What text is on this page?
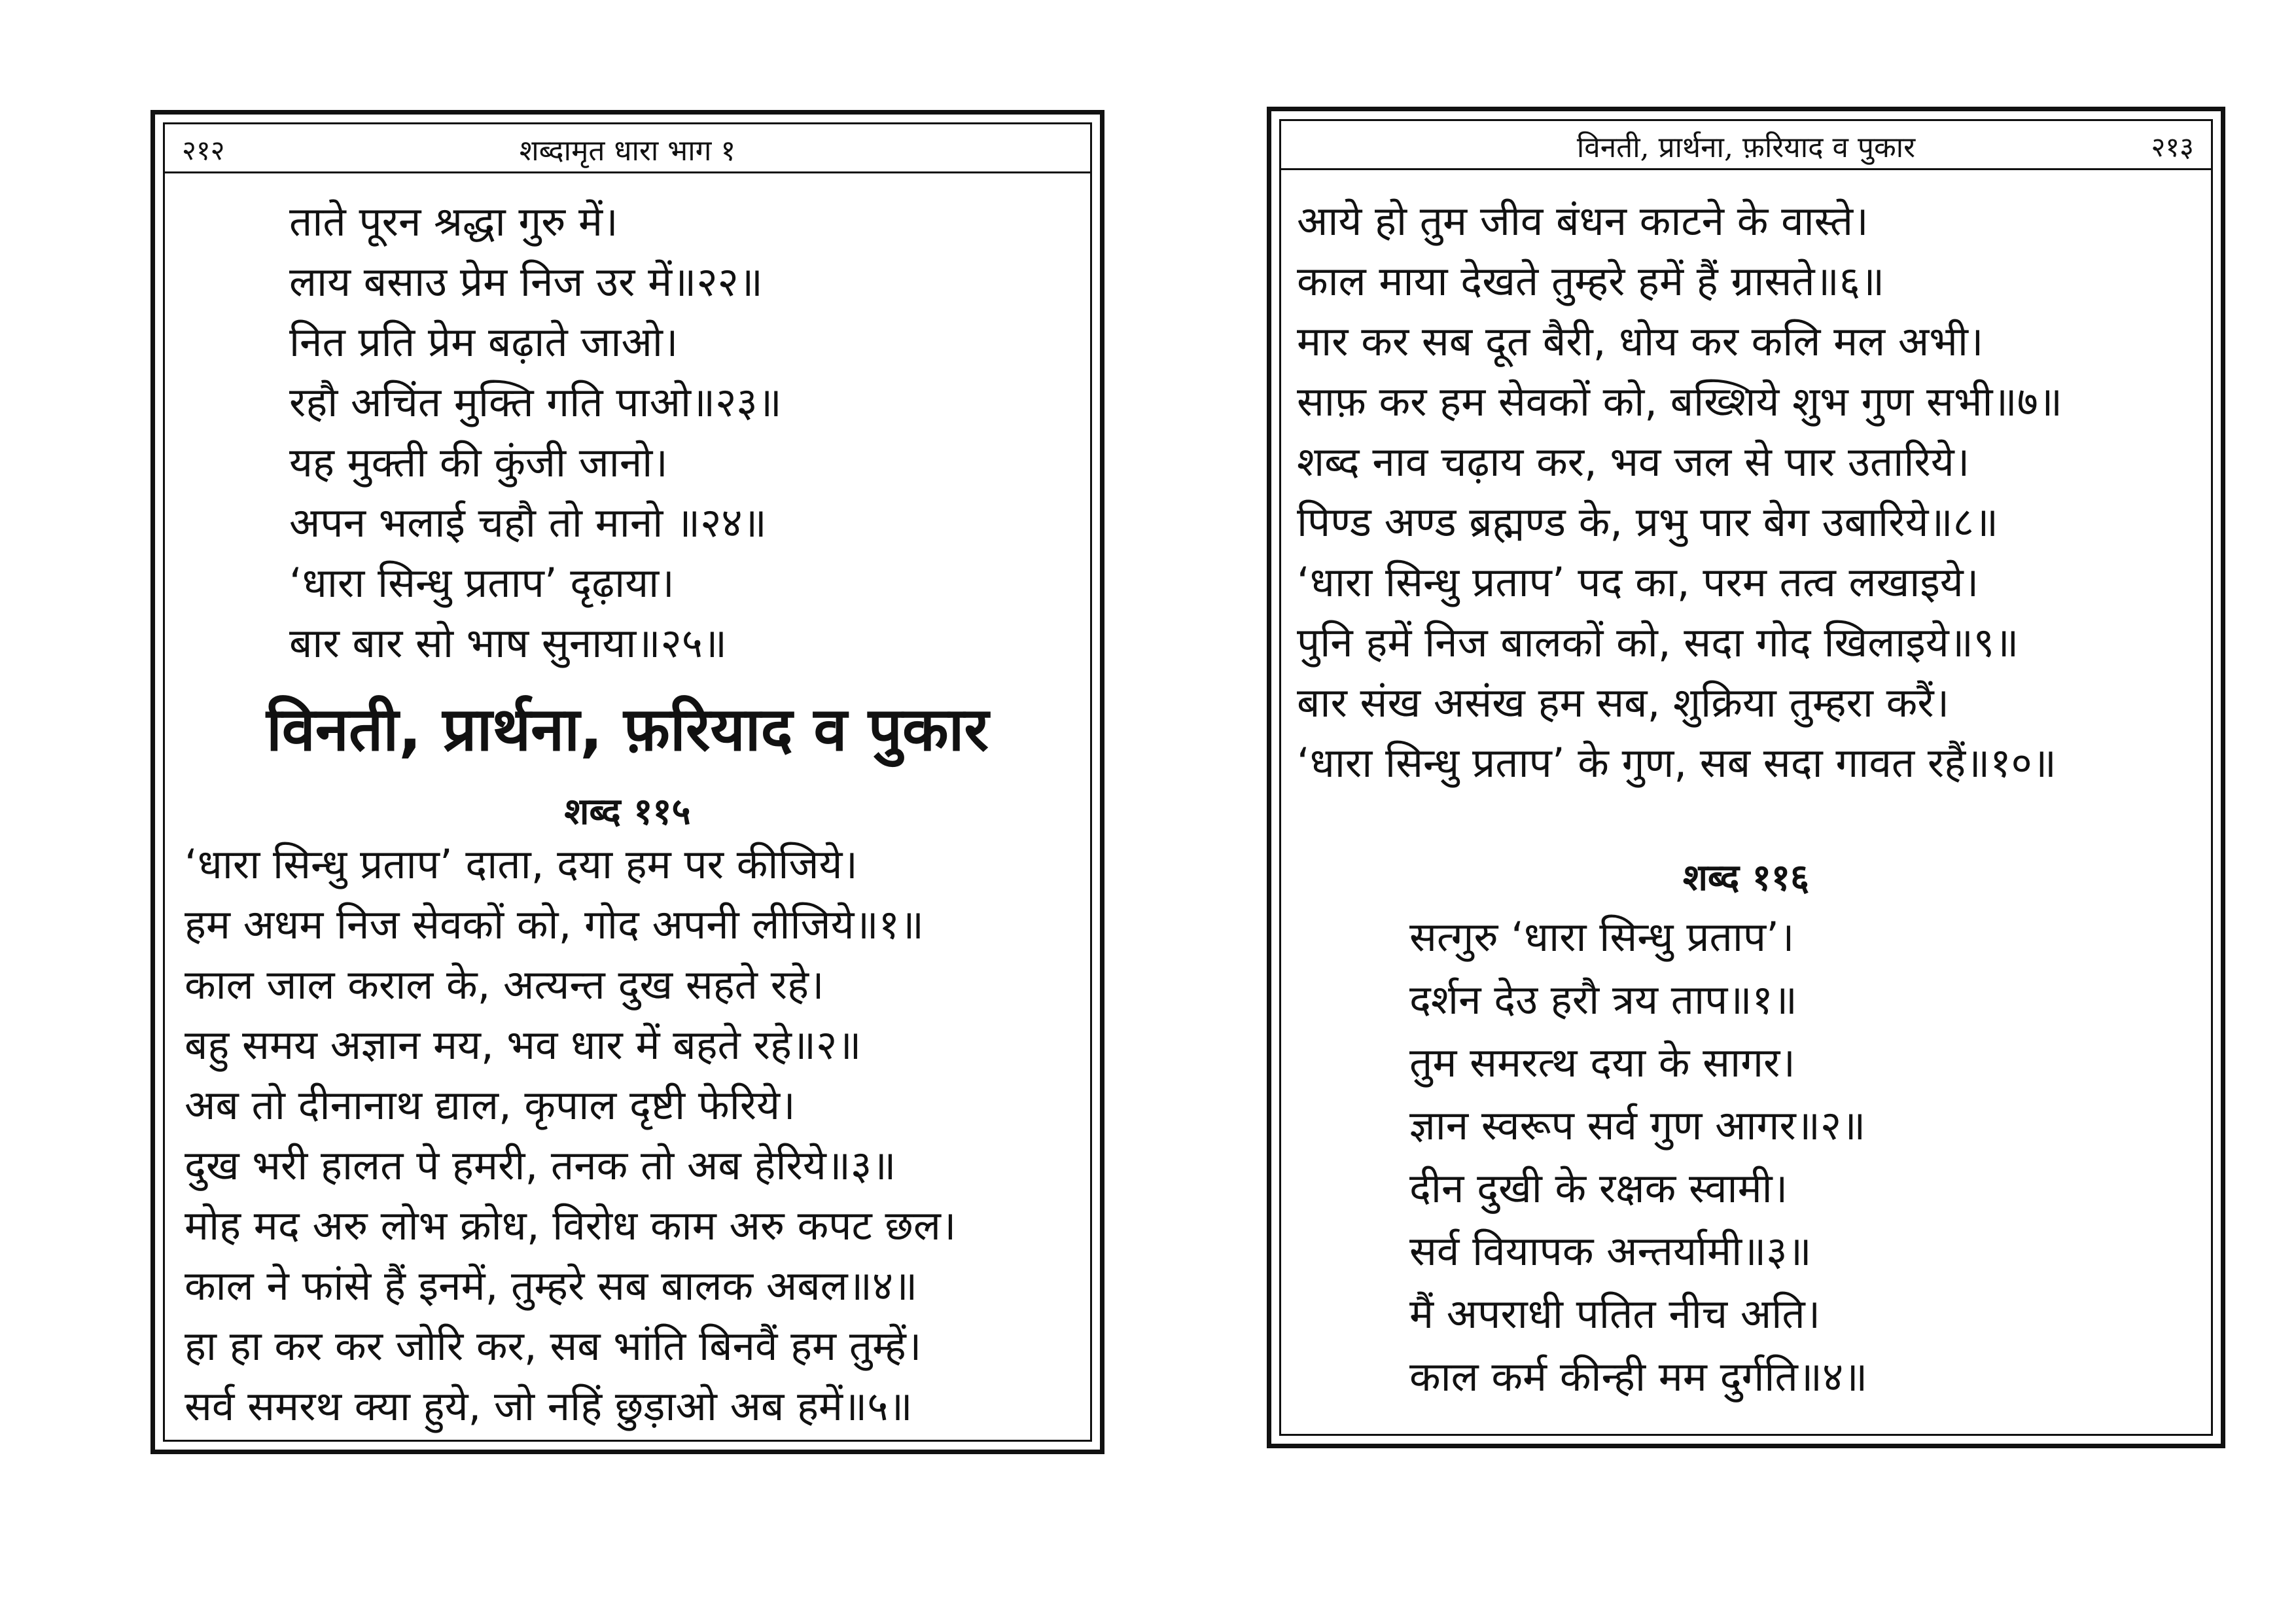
२१२	शब्दामृत धारा भाग १
ताते पूरन श्रद्धा गुरु में।
लाय बसाउ प्रेम निज उर में॥२२॥
नित प्रति प्रेम बढ़ाते जाओ।
रहौ अचिंत मुक्ति गति पाओ॥२३॥
यह मुक्ती की कुंजी जानो।
अपन भलाई चहौ तो मानो ॥२४॥
‘धारा सिन्धु प्रताप’ दृढ़ाया।
बार बार सो भाष सुनाया॥२५॥
विनती, प्रार्थना, फ़रियाद व पुकार
शब्द ११५
‘धारा सिन्धु प्रताप’ दाता, दया हम पर कीजिये।
हम अधम निज सेवकों को, गोद अपनी लीजिये॥१॥
काल जाल कराल के, अत्यन्त दुख सहते रहे।
बहु समय अज्ञान मय, भव धार में बहते रहे॥२॥
अब तो दीनानाथ द्याल, कृपाल दृष्टी फेरिये।
दुख भरी हालत पे हमरी, तनक तो अब हेरिये॥३॥
मोह मद अरु लोभ क्रोध, विरोध काम अरु कपट छल।
काल ने फांसे हैं इनमें, तुम्हरे सब बालक अबल॥४॥
हा हा कर कर जोरि कर, सब भांति बिनवैं हम तुम्हें।
सर्व समरथ क्या हुये, जो नहिं छुड़ाओ अब हमें॥५॥
विनती, प्रार्थना, फ़रियाद व पुकार	२१३
आये हो तुम जीव बंधन काटने के वास्ते।
काल माया देखते तुम्हरे हमें हैं ग्रासते॥६॥
मार कर सब दूत बैरी, धोय कर कलि मल अभी।
साफ़ कर हम सेवकों को, बख्शिये शुभ गुण सभी॥७॥
शब्द नाव चढ़ाय कर, भव जल से पार उतारिये।
पिण्ड अण्ड ब्रह्मण्ड के, प्रभु पार बेग उबारिये॥८॥
‘धारा सिन्धु प्रताप’ पद का, परम तत्व लखाइये।
पुनि हमें निज बालकों को, सदा गोद खिलाइये॥९॥
बार संख असंख हम सब, शुक्रिया तुम्हरा करैं।
‘धारा सिन्धु प्रताप’ के गुण, सब सदा गावत रहैं॥१०॥
शब्द ११६
सत्गुरु ‘धारा सिन्धु प्रताप’।
दर्शन देउ हरौ त्रय ताप॥१॥
तुम समरत्थ दया के सागर।
ज्ञान स्वरूप सर्व गुण आगर॥२॥
दीन दुखी के रक्षक स्वामी।
सर्व वियापक अन्तर्यामी॥३॥
मैं अपराधी पतित नीच अति।
काल कर्म कीन्ही मम दुर्गति॥४॥
